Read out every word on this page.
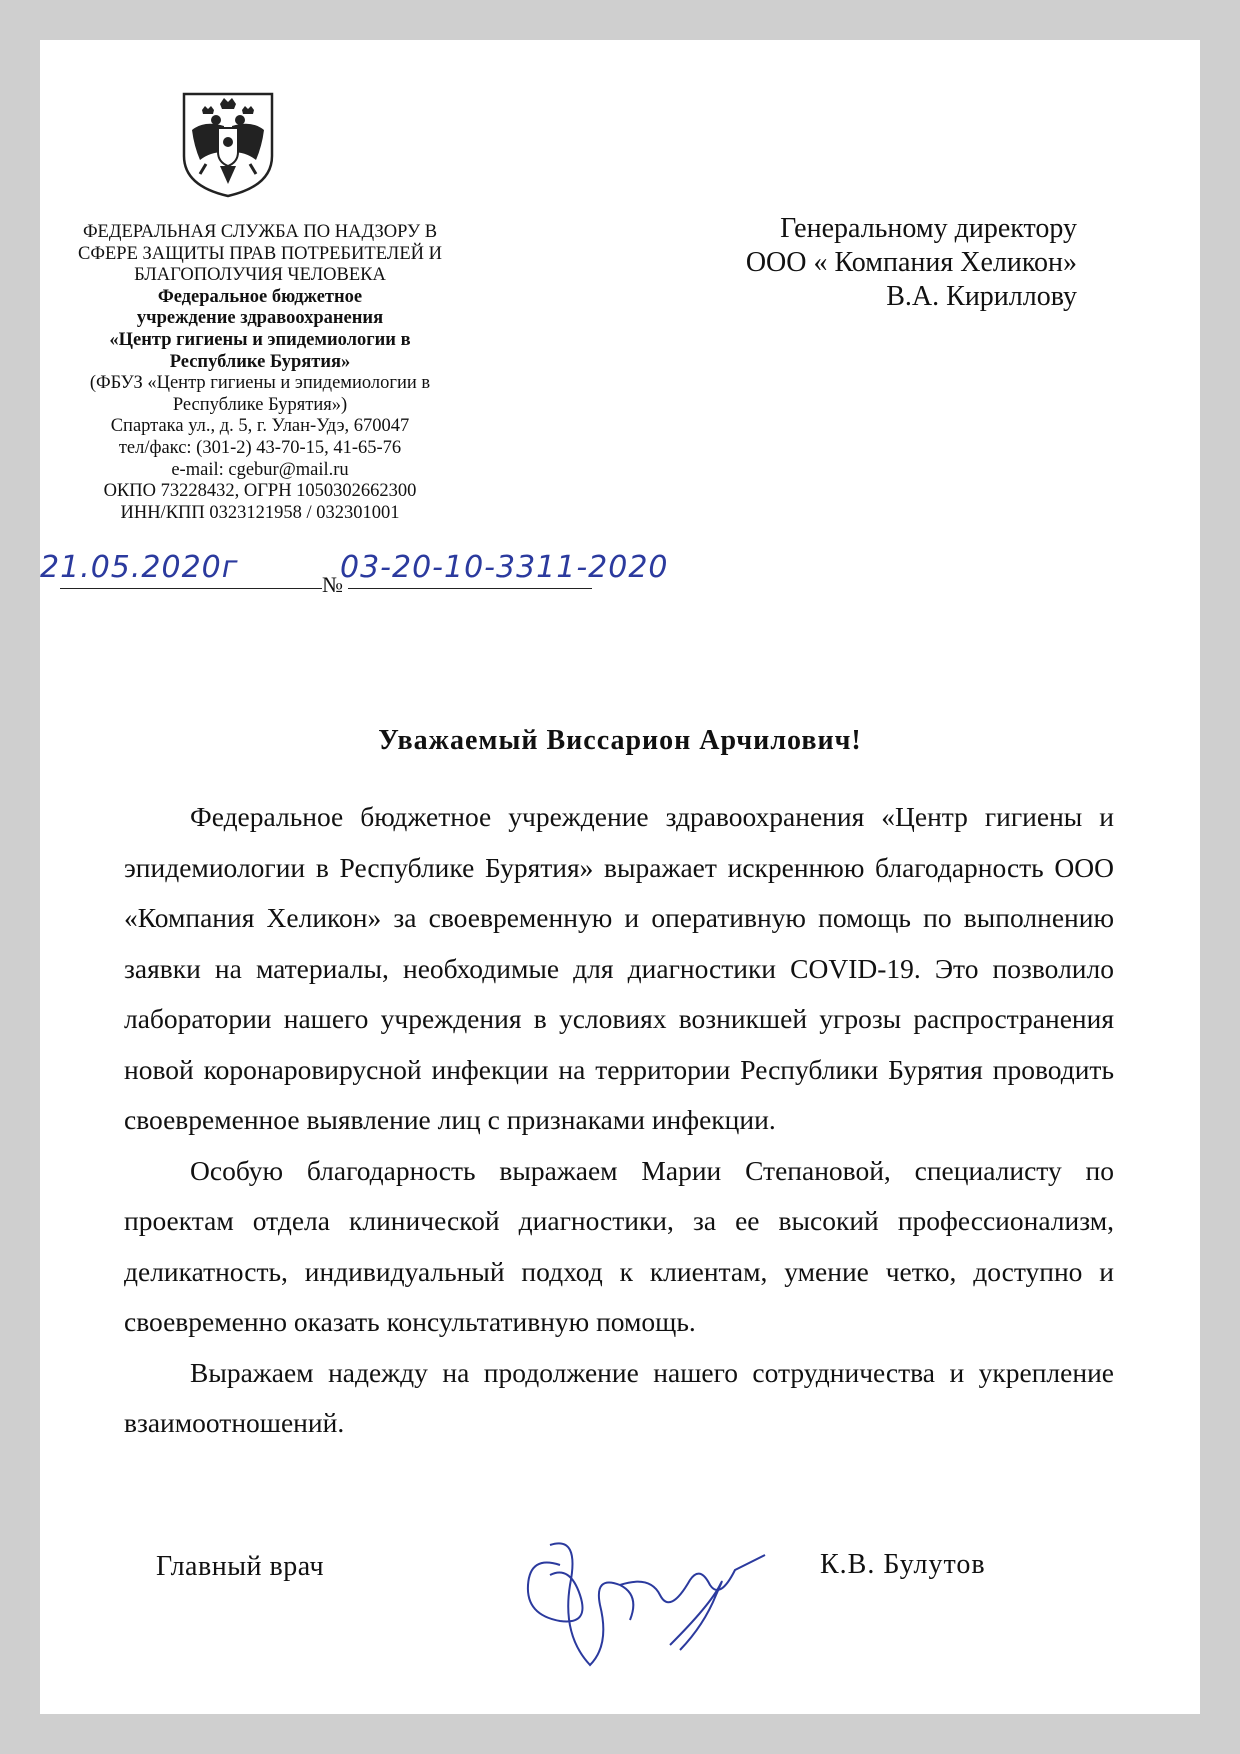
ФЕДЕРАЛЬНАЯ СЛУЖБА ПО НАДЗОРУ В
СФЕРЕ ЗАЩИТЫ ПРАВ ПОТРЕБИТЕЛЕЙ И
БЛАГОПОЛУЧИЯ ЧЕЛОВЕКА
Федеральное бюджетное
учреждение здравоохранения
«Центр гигиены и эпидемиологии в
Республике Бурятия»
(ФБУЗ «Центр гигиены и эпидемиологии в
Республике Бурятия»)
Спартака ул., д. 5, г. Улан-Удэ, 670047
тел/факс: (301-2) 43-70-15, 41-65-76
e-mail: cgebur@mail.ru
ОКПО 73228432, ОГРН 1050302662300
ИНН/КПП 0323121958 / 032301001
Генеральному директору
ООО « Компания Хеликон»
В.А. Кириллову
21.05.2020г	№
03-20-10-3311-2020
Уважаемый Виссарион Арчилович!

Федеральное бюджетное учреждение здравоохранения «Центр гигиены и эпидемиологии в Республике Бурятия» выражает искреннюю благодарность ООО «Компания Хеликон» за своевременную и оперативную помощь по выполнению заявки на материалы, необходимые для диагностики COVID-19. Это позволило лаборатории нашего учреждения в условиях возникшей угрозы распространения новой коронаровирусной инфекции на территории Республики Бурятия проводить своевременное выявление лиц с признаками инфекции.

Особую благодарность выражаем Марии Степановой, специалисту по проектам отдела клинической диагностики, за ее высокий профессионализм, деликатность, индивидуальный подход к клиентам, умение четко, доступно и своевременно оказать консультативную помощь.

Выражаем надежду на продолжение нашего сотрудничества и укрепление взаимоотношений.

Главный врач	К.В. Булутов
